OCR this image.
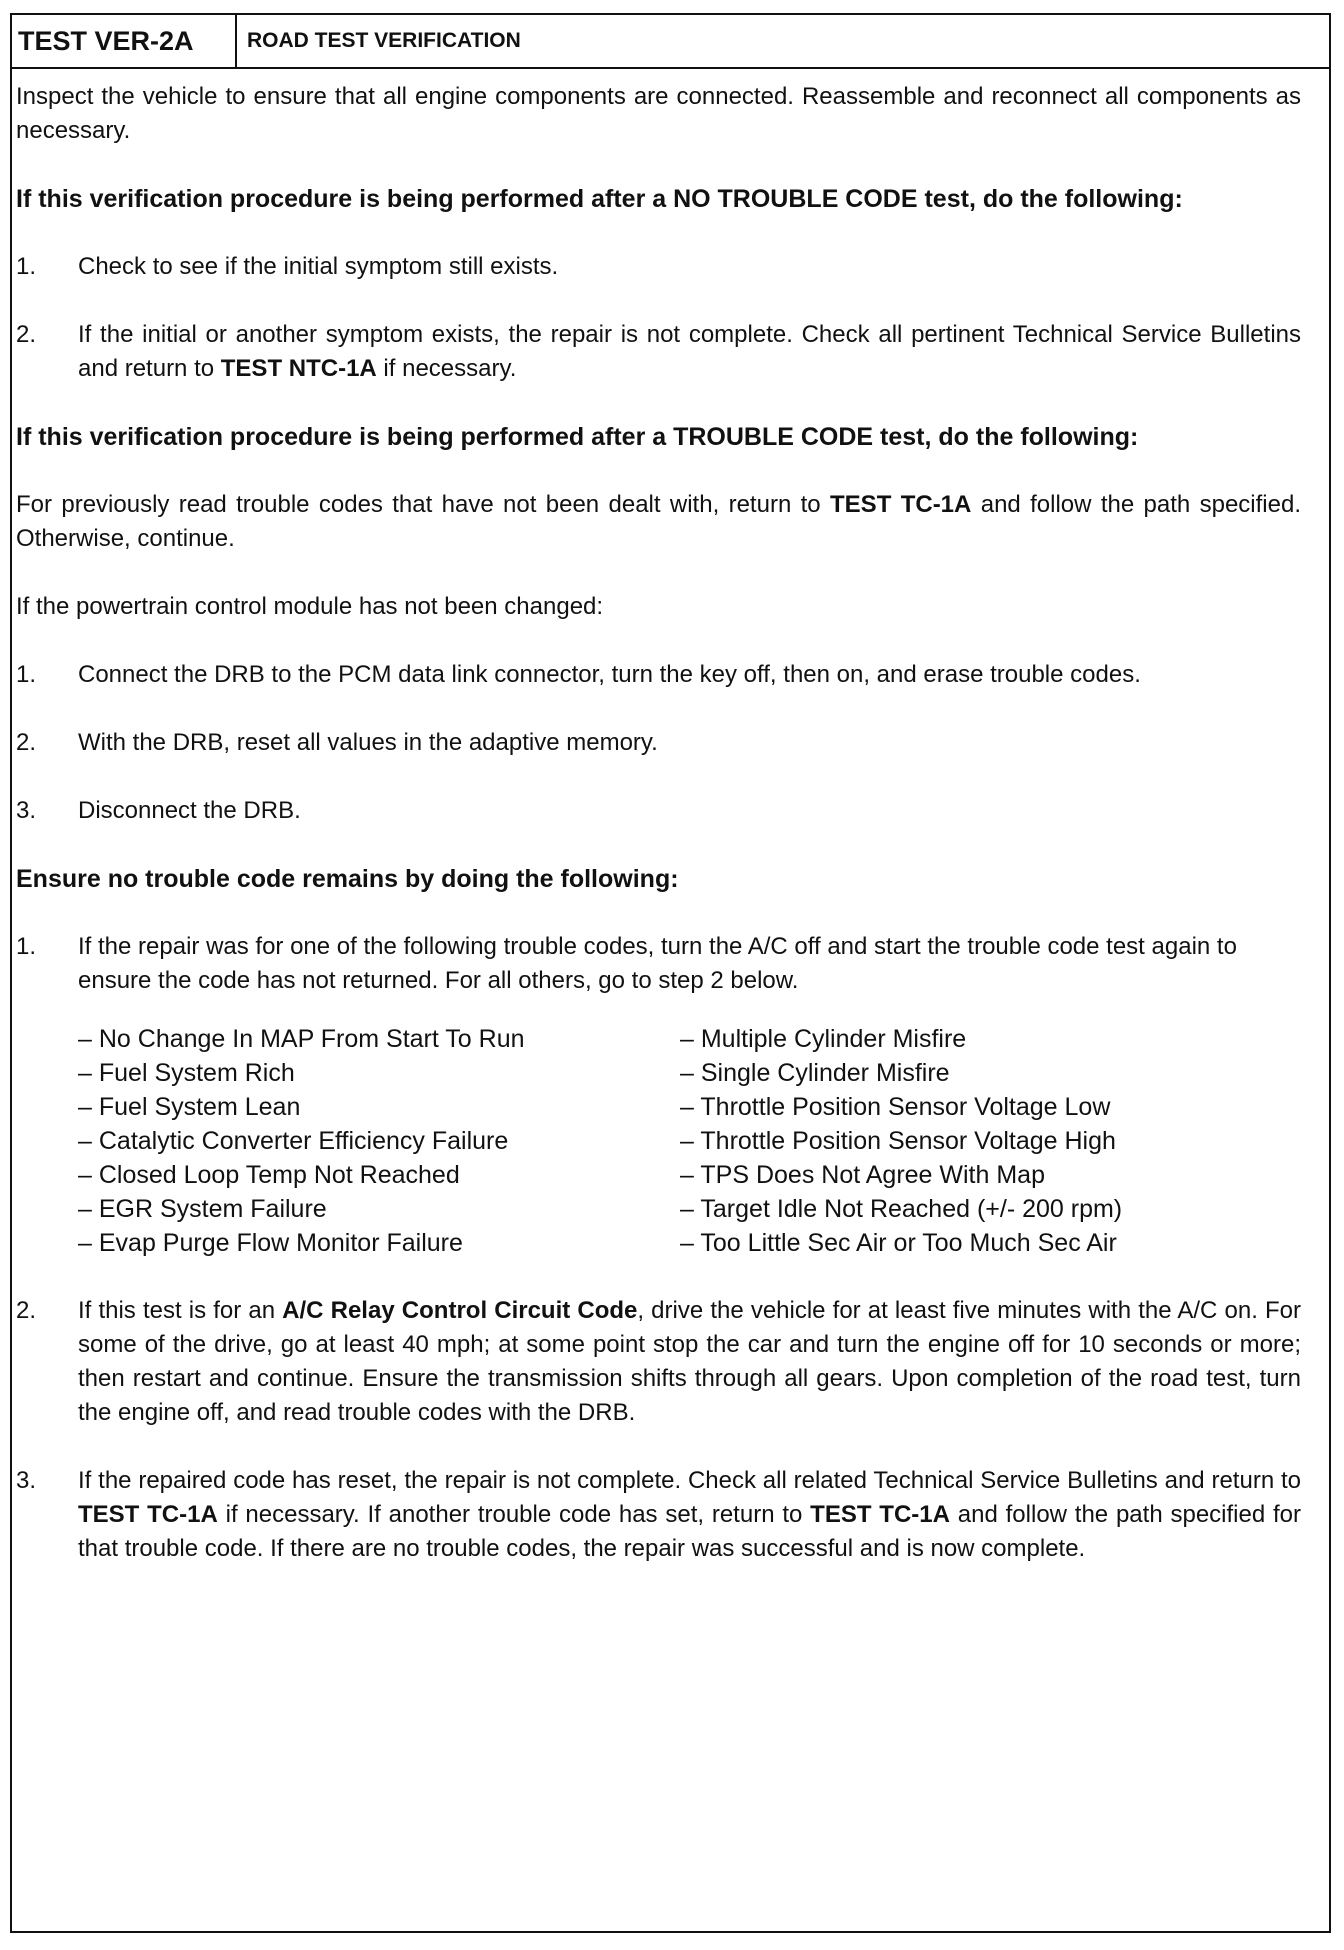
TEST VER-2A	ROAD TEST VERIFICATION

Inspect the vehicle to ensure that all engine components are connected. Reassemble and reconnect all components as necessary.

If this verification procedure is being performed after a NO TROUBLE CODE test, do the following:
1.	Check to see if the initial symptom still exists.
2.	If the initial or another symptom exists, the repair is not complete. Check all pertinent Technical Service Bulletins and return to TEST NTC-1A if necessary.
If this verification procedure is being performed after a TROUBLE CODE test, do the following:

For previously read trouble codes that have not been dealt with, return to TEST TC-1A and follow the path specified. Otherwise, continue.

If the powertrain control module has not been changed:

1.	Connect the DRB to the PCM data link connector, turn the key off, then on, and erase trouble codes.
2.	With the DRB, reset all values in the adaptive memory.
3.	Disconnect the DRB.
Ensure no trouble code remains by doing the following:
1.	If the repair was for one of the following trouble codes, turn the A/C off and start the trouble code test again to ensure the code has not returned. For all others, go to step 2 below.
– No Change In MAP From Start To Run
– Fuel System Rich
– Fuel System Lean
– Catalytic Converter Efficiency Failure
– Closed Loop Temp Not Reached
– EGR System Failure
– Evap Purge Flow Monitor Failure
– Multiple Cylinder Misfire
– Single Cylinder Misfire
– Throttle Position Sensor Voltage Low
– Throttle Position Sensor Voltage High
– TPS Does Not Agree With Map
– Target Idle Not Reached (+/- 200 rpm)
– Too Little Sec Air or Too Much Sec Air
2.	If this test is for an A/C Relay Control Circuit Code, drive the vehicle for at least five minutes with the A/C on. For some of the drive, go at least 40 mph; at some point stop the car and turn the engine off for 10 seconds or more; then restart and continue. Ensure the transmission shifts through all gears. Upon completion of the road test, turn the engine off, and read trouble codes with the DRB.
3.	If the repaired code has reset, the repair is not complete. Check all related Technical Service Bulletins and return to TEST TC-1A if necessary. If another trouble code has set, return to TEST TC-1A and follow the path specified for that trouble code. If there are no trouble codes, the repair was successful and is now complete.
